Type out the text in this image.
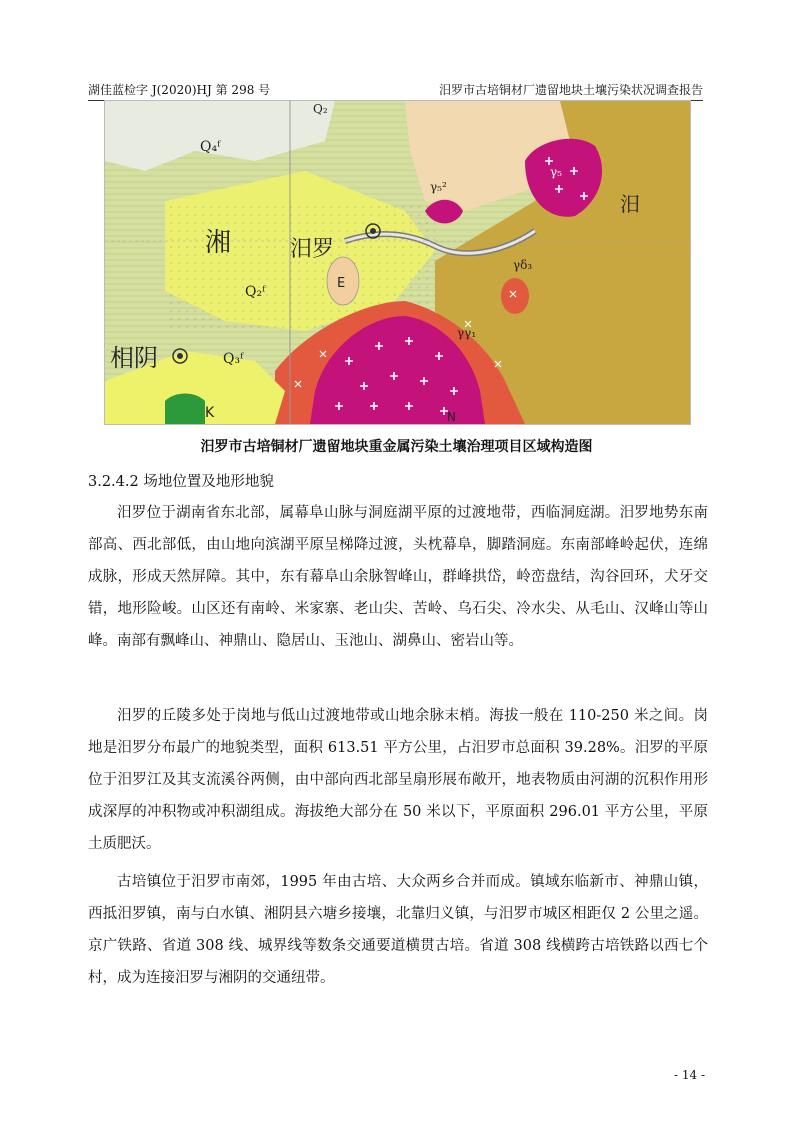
湖佳蓝检字 J(2020)HJ 第 298 号	汨罗市古培铜材厂遗留地块土壤污染状况调查报告
湘	汨罗
相阴
汨
E
K
Q₄ᶠ
Q₂ᶠ
Q₃ᶠ
Q₂
γ₅²
γ₅
γδ₃
γγ₁
N
汨罗市古培铜材厂遗留地块重金属污染土壤治理项目区域构造图
3.2.4.2 场地位置及地形地貌

汨罗位于湖南省东北部，属幕阜山脉与洞庭湖平原的过渡地带，西临洞庭湖。汨罗地势东南部高、西北部低，由山地向滨湖平原呈梯降过渡，头枕幕阜，脚踏洞庭。东南部峰岭起伏，连绵成脉，形成天然屏障。其中，东有幕阜山余脉智峰山，群峰拱岱，岭峦盘结，沟谷回环，犬牙交错，地形险峻。山区还有南岭、米家寨、老山尖、苦岭、乌石尖、冷水尖、从毛山、汉峰山等山峰。南部有飘峰山、神鼎山、隐居山、玉池山、湖鼻山、密岩山等。

汨罗的丘陵多处于岗地与低山过渡地带或山地余脉末梢。海拔一般在 110-250 米之间。岗地是汨罗分布最广的地貌类型，面积 613.51 平方公里，占汨罗市总面积 39.28%。汨罗的平原位于汨罗江及其支流溪谷两侧，由中部向西北部呈扇形展布敞开，地表物质由河湖的沉积作用形成深厚的冲积物或冲积湖组成。海拔绝大部分在 50 米以下，平原面积 296.01 平方公里，平原土质肥沃。

古培镇位于汨罗市南郊，1995 年由古培、大众两乡合并而成。镇域东临新市、神鼎山镇，西抵汨罗镇，南与白水镇、湘阴县六塘乡接壤，北靠归义镇，与汨罗市城区相距仅 2 公里之遥。京广铁路、省道 308 线、城界线等数条交通要道横贯古培。省道 308 线横跨古培铁路以西七个村，成为连接汨罗与湘阴的交通纽带。

- 14 -
